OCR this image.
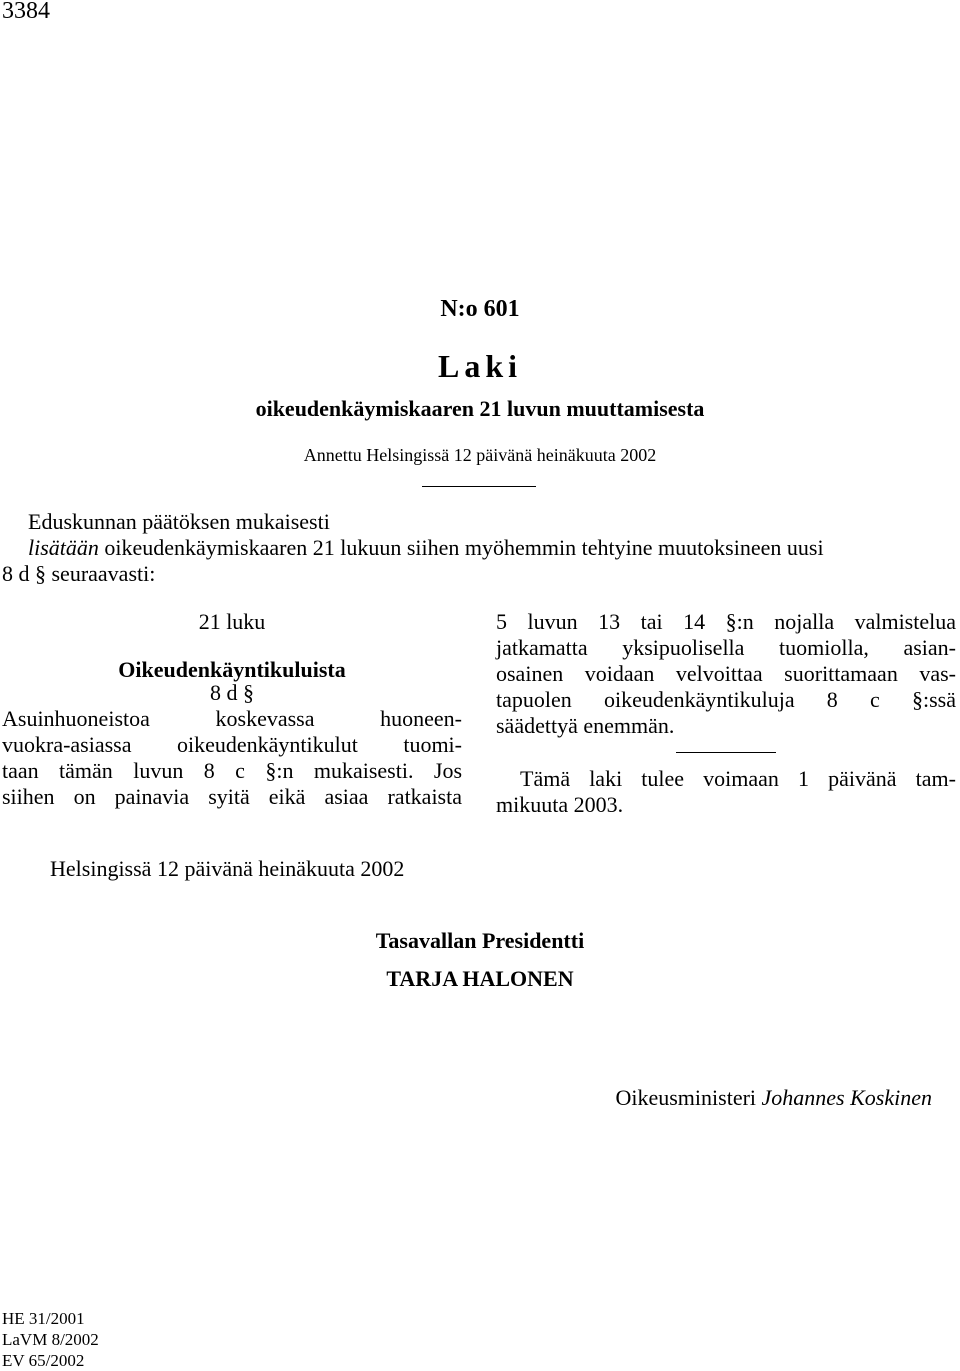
3384
N:o 601
Laki
oikeudenkäymiskaaren 21 luvun muuttamisesta
Annettu Helsingissä 12 päivänä heinäkuuta 2002
Eduskunnan päätöksen mukaisesti
lisätään oikeudenkäymiskaaren 21 lukuun siihen myöhemmin tehtyine muutoksineen uusi
8 d § seuraavasti:
21 luku
Oikeudenkäyntikuluista
8 d §
Asuinhuoneistoa koskevassa huoneen-
vuokra-asiassa oikeudenkäyntikulut tuomi-
taan tämän luvun 8 c §:n mukaisesti. Jos
siihen on painavia syitä eikä asiaa ratkaista
5 luvun 13 tai 14 §:n nojalla valmistelua
jatkamatta yksipuolisella tuomiolla, asian-
osainen voidaan velvoittaa suorittamaan vas-
tapuolen oikeudenkäyntikuluja 8 c §:ssä
säädettyä enemmän.
Tämä laki tulee voimaan 1 päivänä tam-
mikuuta 2003.
Helsingissä 12 päivänä heinäkuuta 2002
Tasavallan Presidentti
TARJA HALONEN
Oikeusministeri Johannes Koskinen
HE 31/2001
LaVM 8/2002
EV 65/2002
